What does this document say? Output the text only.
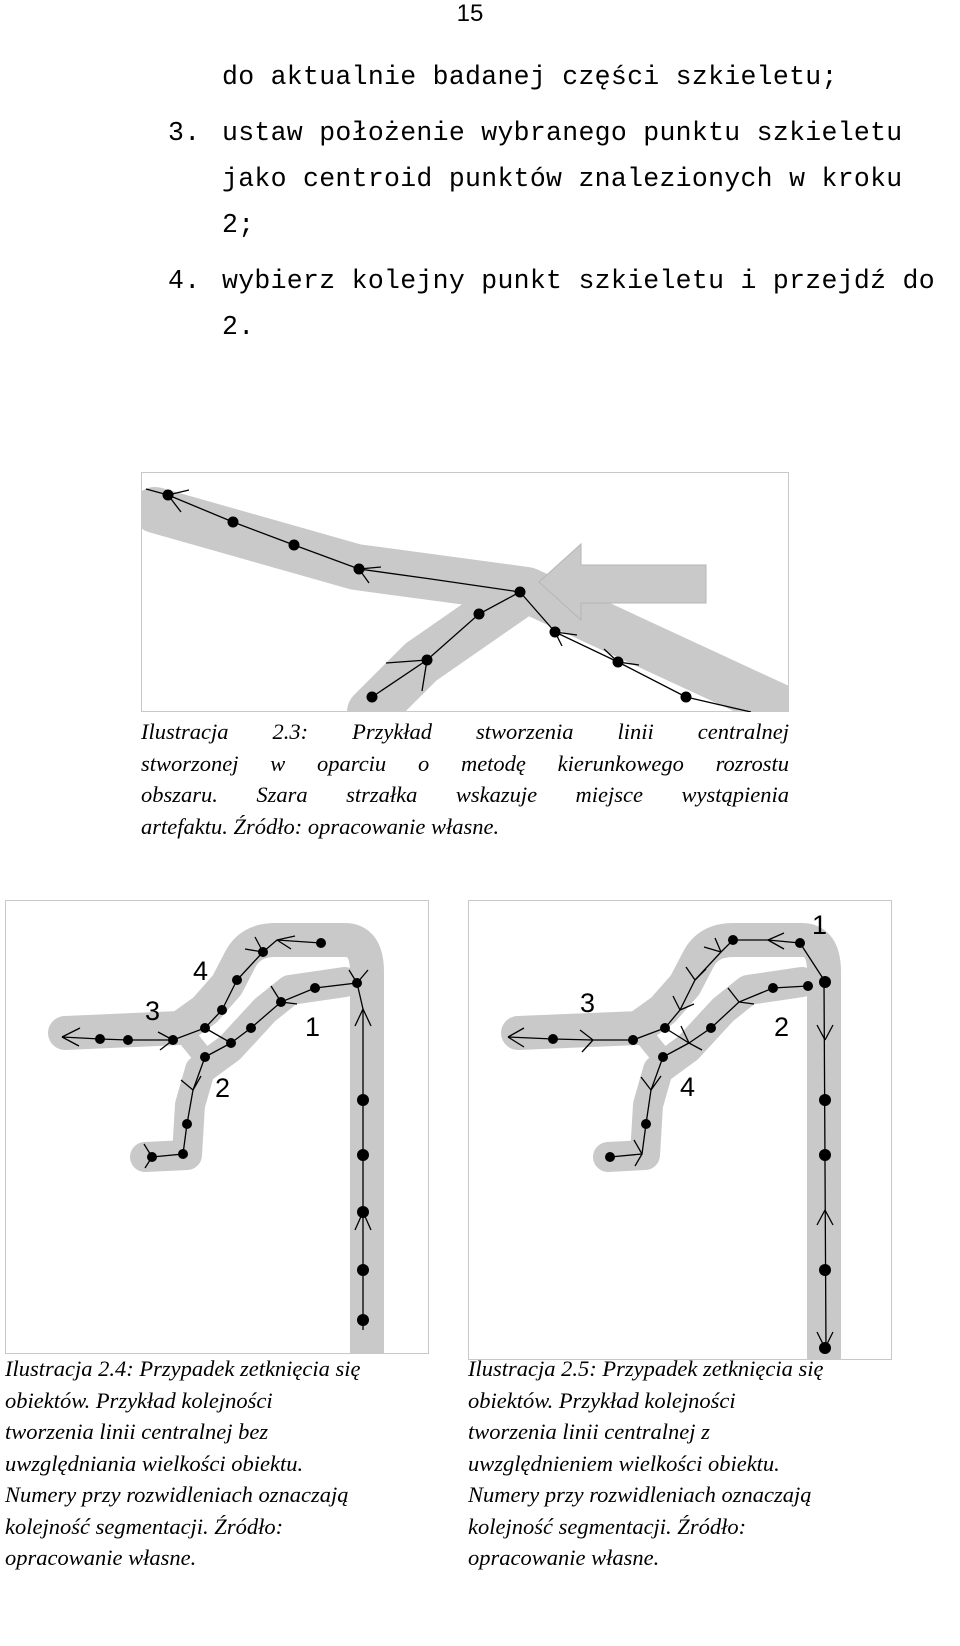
15
do aktualnie badanej części szkieletu;
3. ustaw położenie wybranego punktu szkieletu
jako centroid punktów znalezionych w kroku
2;
4. wybierz kolejny punkt szkieletu i przejdź do
2.
Ilustracja 2.3: Przykład stworzenia linii centralnej
stworzonej w oparciu o metodę kierunkowego rozrostu
obszaru. Szara strzałka wskazuje miejsce wystąpienia
artefaktu. Źródło: opracowanie własne.
1
2
3
4
Ilustracja 2.4: Przypadek zetknięcia się
obiektów. Przykład kolejności
tworzenia linii centralnej bez
uwzględniania wielkości obiektu.
Numery przy rozwidleniach oznaczają
kolejność segmentacji. Źródło:
opracowanie własne.
1
2
3
4
Ilustracja 2.5: Przypadek zetknięcia się
obiektów. Przykład kolejności
tworzenia linii centralnej z
uwzględnieniem wielkości obiektu.
Numery przy rozwidleniach oznaczają
kolejność segmentacji. Źródło:
opracowanie własne.
